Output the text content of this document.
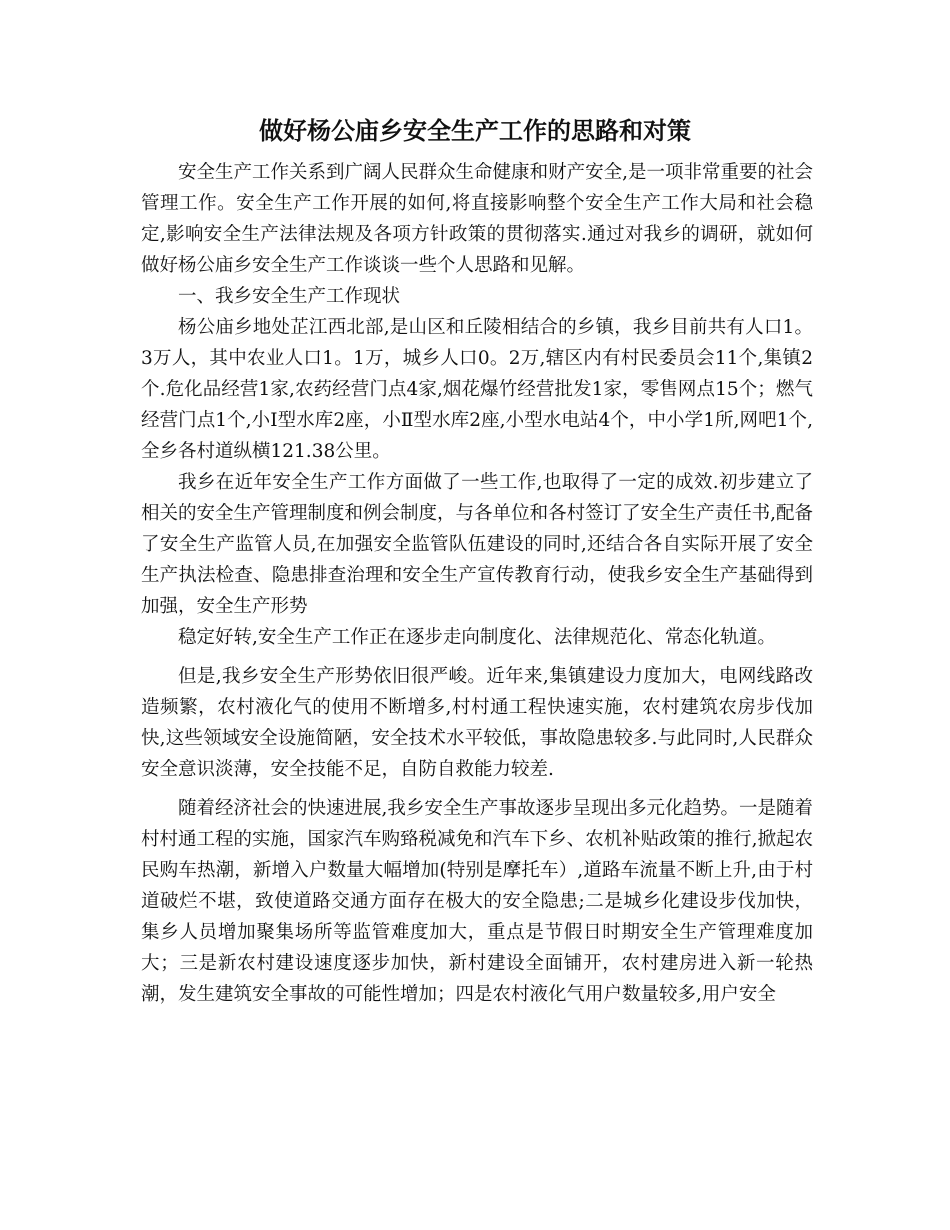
做好杨公庙乡安全生产工作的思路和对策

安全生产工作关系到广阔人民群众生命健康和财产安全,是一项非常重要的社会管理工作。安全生产工作开展的如何,将直接影响整个安全生产工作大局和社会稳定,影响安全生产法律法规及各项方针政策的贯彻落实.通过对我乡的调研，就如何做好杨公庙乡安全生产工作谈谈一些个人思路和见解。

一、我乡安全生产工作现状

杨公庙乡地处芷江西北部,是山区和丘陵相结合的乡镇，我乡目前共有人口1。3万人，其中农业人口1。1万，城乡人口0。2万,辖区内有村民委员会11个,集镇2个.危化品经营1家,农药经营门点4家,烟花爆竹经营批发1家，零售网点15个；燃气经营门点1个,小Ⅰ型水库2座，小Ⅱ型水库2座,小型水电站4个，中小学1所,网吧1个,全乡各村道纵横121.38公里。

我乡在近年安全生产工作方面做了一些工作,也取得了一定的成效.初步建立了相关的安全生产管理制度和例会制度，与各单位和各村签订了安全生产责任书,配备了安全生产监管人员,在加强安全监管队伍建设的同时,还结合各自实际开展了安全生产执法检查、隐患排查治理和安全生产宣传教育行动，使我乡安全生产基础得到加强，安全生产形势

稳定好转,安全生产工作正在逐步走向制度化、法律规范化、常态化轨道。

但是,我乡安全生产形势依旧很严峻。近年来,集镇建设力度加大，电网线路改造频繁，农村液化气的使用不断增多,村村通工程快速实施，农村建筑农房步伐加快,这些领域安全设施简陋，安全技术水平较低，事故隐患较多.与此同时,人民群众安全意识淡薄，安全技能不足，自防自救能力较差.

随着经济社会的快速进展,我乡安全生产事故逐步呈现出多元化趋势。一是随着村村通工程的实施，国家汽车购臵税减免和汽车下乡、农机补贴政策的推行,掀起农民购车热潮，新增入户数量大幅增加(特别是摩托车）,道路车流量不断上升,由于村道破烂不堪，致使道路交通方面存在极大的安全隐患;二是城乡化建设步伐加快，集乡人员增加聚集场所等监管难度加大，重点是节假日时期安全生产管理难度加大；三是新农村建设速度逐步加快，新村建设全面铺开，农村建房进入新一轮热潮，发生建筑安全事故的可能性增加；四是农村液化气用户数量较多,用户安全
